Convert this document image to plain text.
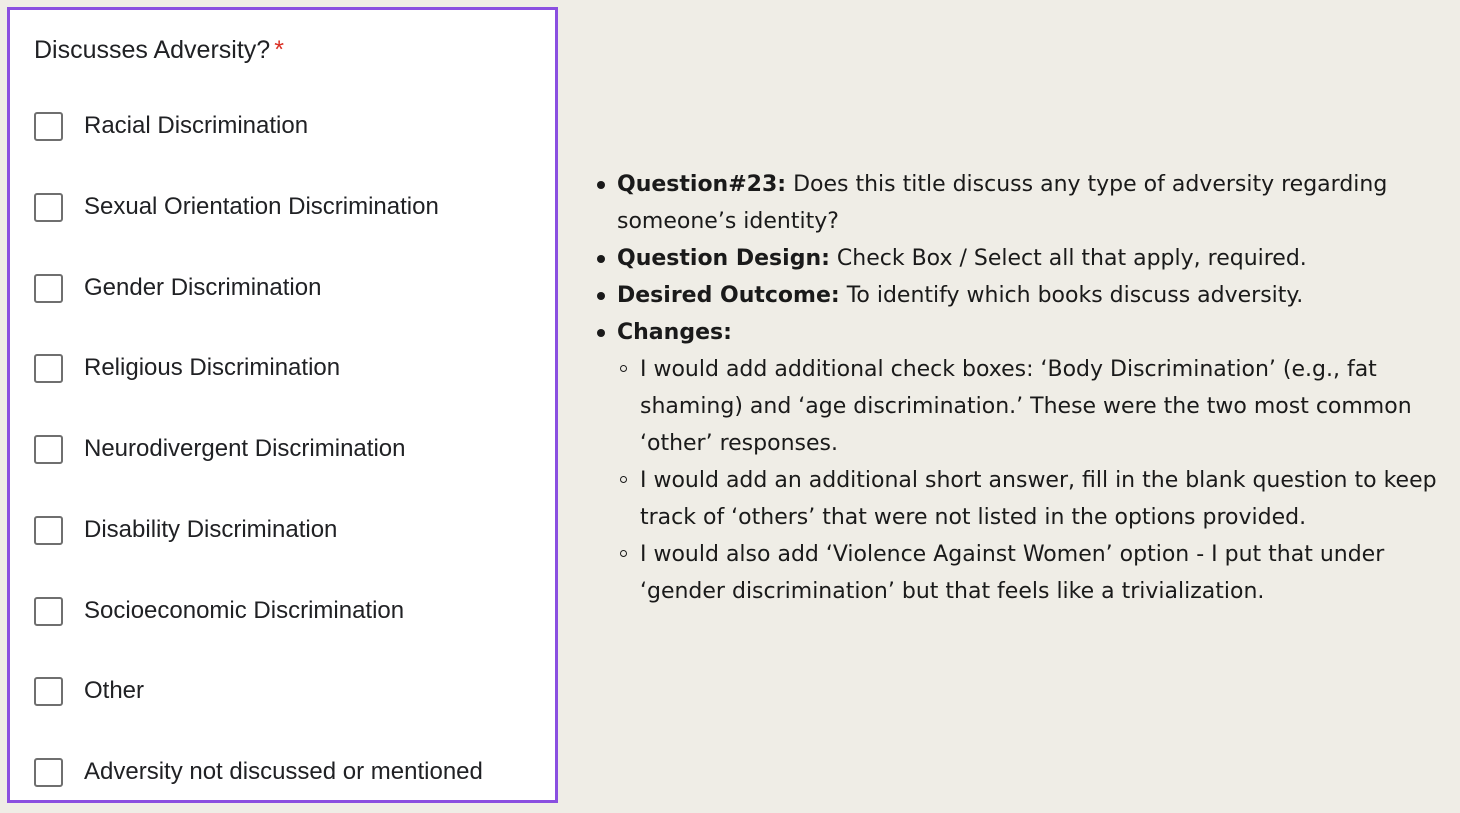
Discusses Adversity? *
Racial Discrimination
Sexual Orientation Discrimination
Gender Discrimination
Religious Discrimination
Neurodivergent Discrimination
Disability Discrimination
Socioeconomic Discrimination
Other
Adversity not discussed or mentioned
Question#23: Does this title discuss any type of adversity regarding someone’s identity?
Question Design: Check Box / Select all that apply, required.
Desired Outcome: To identify which books discuss adversity.
Changes:
I would add additional check boxes: ‘Body Discrimination’ (e.g., fat shaming) and ‘age discrimination.’ These were the two most common ‘other’ responses.
I would add an additional short answer, fill in the blank question to keep track of ‘others’ that were not listed in the options provided.
I would also add ‘Violence Against Women’ option - I put that under ‘gender discrimination’ but that feels like a trivialization.
